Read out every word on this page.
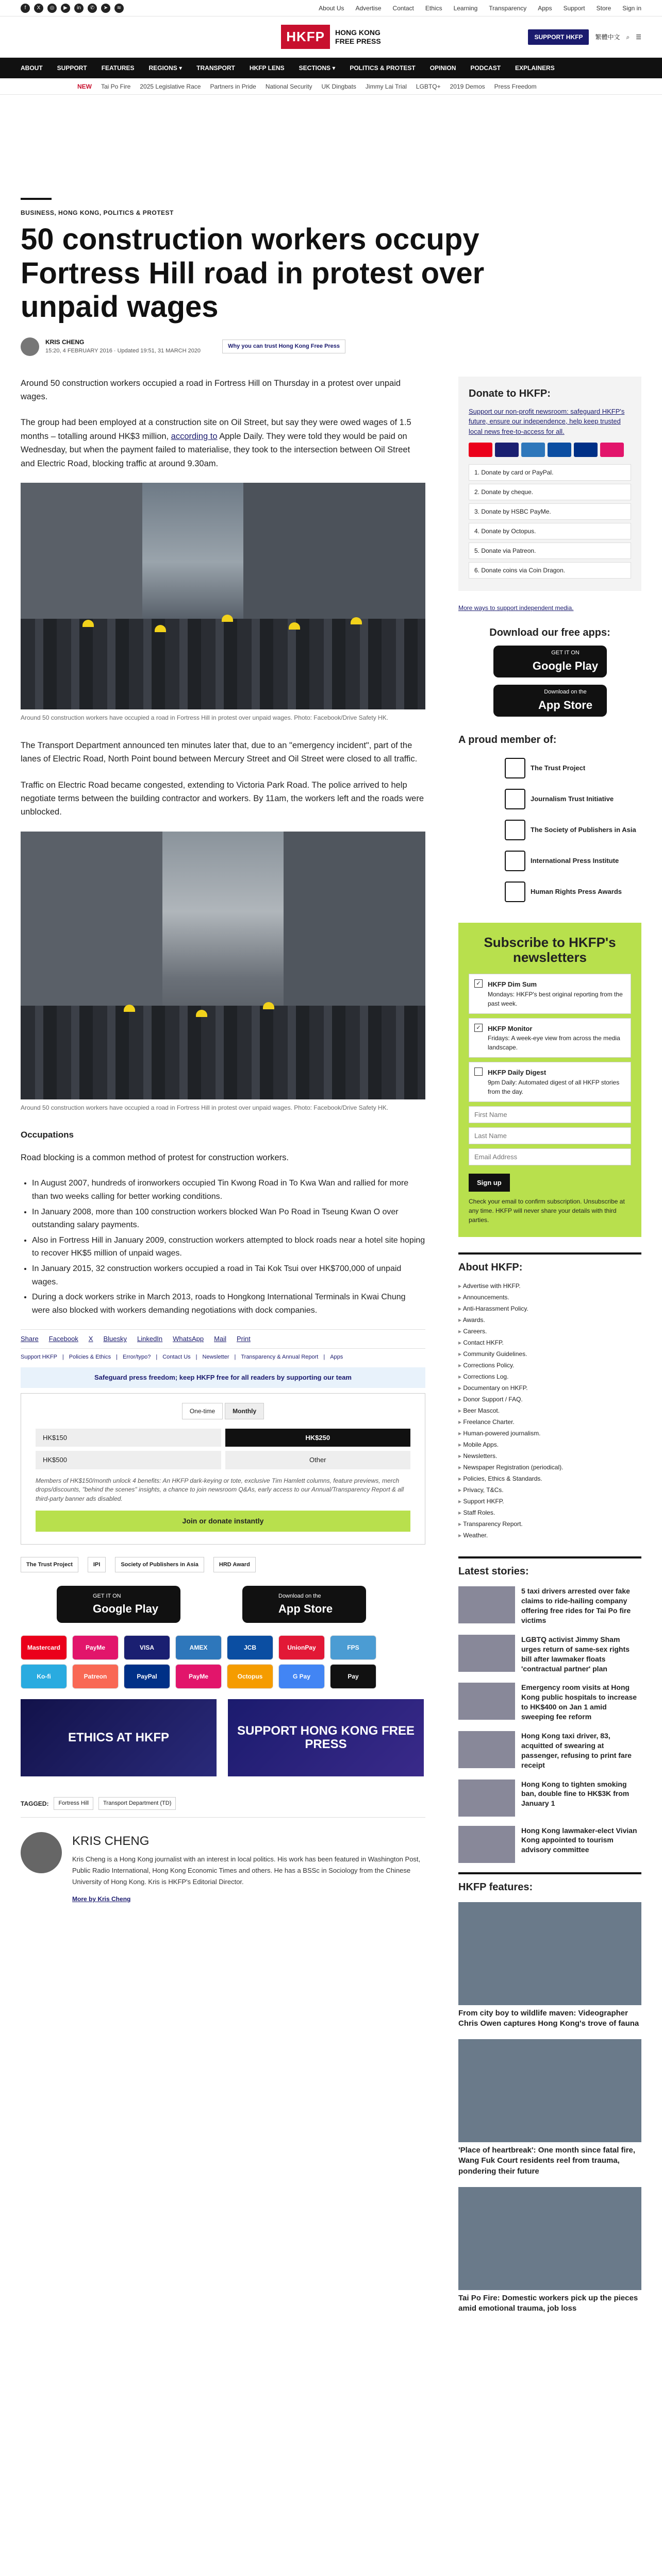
f	X	◎	▶	in	✆	➤	≋	About Us Advertise Contact Ethics Learning Transparency Apps Support Store Sign in
HKFP	HONG KONG
FREE PRESS	SUPPORT HKFP	繁體中文 ⌕ ☰
ABOUT SUPPORT FEATURES REGIONS ▾ TRANSPORT HKFP LENS SECTIONS ▾ POLITICS & PROTEST OPINION PODCAST EXPLAINERS
NEW Tai Po Fire 2025 Legislative Race Partners in Pride National Security UK Dingbats Jimmy Lai Trial LGBTQ+ 2019 Demos Press Freedom
BUSINESS, HONG KONG, POLITICS & PROTEST
50 construction workers occupy Fortress Hill road in protest over unpaid wages
KRIS CHENG
15:20, 4 FEBRUARY 2016 · Updated 19:51, 31 MARCH 2020
Why you can trust Hong Kong Free Press

Around 50 construction workers occupied a road in Fortress Hill on Thursday in a protest over unpaid wages.

The group had been employed at a construction site on Oil Street, but say they were owed wages of 1.5 months – totalling around HK$3 million, according to Apple Daily. They were told they would be paid on Wednesday, but when the payment failed to materialise, they took to the intersection between Oil Street and Electric Road, blocking traffic at around 9.30am.

Around 50 construction workers have occupied a road in Fortress Hill in protest over unpaid wages. Photo: Facebook/Drive Safety HK.

The Transport Department announced ten minutes later that, due to an "emergency incident", part of the lanes of Electric Road, North Point bound between Mercury Street and Oil Street were closed to all traffic.

Traffic on Electric Road became congested, extending to Victoria Park Road. The police arrived to help negotiate terms between the building contractor and workers. By 11am, the workers left and the roads were unblocked.

Around 50 construction workers have occupied a road in Fortress Hill in protest over unpaid wages. Photo: Facebook/Drive Safety HK.
Occupations

Road blocking is a common method of protest for construction workers.

• In August 2007, hundreds of ironworkers occupied Tin Kwong Road in To Kwa Wan and rallied for more than two weeks calling for better working conditions.
• In January 2008, more than 100 construction workers blocked Wan Po Road in Tseung Kwan O over outstanding salary payments.
• Also in Fortress Hill in January 2009, construction workers attempted to block roads near a hotel site hoping to recover HK$5 million of unpaid wages.
• In January 2015, 32 construction workers occupied a road in Tai Kok Tsui over HK$700,000 of unpaid wages.
• During a dock workers strike in March 2013, roads to Hongkong International Terminals in Kwai Chung were also blocked with workers demanding negotiations with dock companies.
Share Facebook X Bluesky LinkedIn WhatsApp Mail Print
Support HKFP | Policies & Ethics | Error/typo? | Contact Us | Newsletter | Transparency & Annual Report | Apps
Safeguard press freedom; keep HKFP free for all readers by supporting our team
One-time	Monthly
HK$150	HK$250
HK$500	Other
Members of HK$150/month unlock 4 benefits: An HKFP dark-keying or tote, exclusive Tim Hamlett columns, feature previews, merch drops/discounts, "behind the scenes" insights, a chance to join newsroom Q&As, early access to our Annual/Transparency Report & all third-party banner ads disabled.
Join or donate instantly
The Trust Project	IPI	Society of Publishers in Asia	HRD Award
GET IT ON
Google Play
Download on the
App Store
Mastercard	PayMe	VISA	AMEX	JCB	UnionPay	FPS
Ko-fi	Patreon	PayPal	PayMe	Octopus	G Pay	Pay
ETHICS AT HKFP	SUPPORT HONG KONG FREE PRESS
TAGGED:	Fortress Hill	Transport Department (TD)
KRIS CHENG

Kris Cheng is a Hong Kong journalist with an interest in local politics. His work has been featured in Washington Post, Public Radio International, Hong Kong Economic Times and others. He has a BSSc in Sociology from the Chinese University of Hong Kong. Kris is HKFP's Editorial Director.

More by Kris Cheng
Donate to HKFP:

Support our non-profit newsroom: safeguard HKFP's future, ensure our independence, help keep trusted local news free-to-access for all.

1. Donate by card or PayPal.
2. Donate by cheque.
3. Donate by HSBC PayMe.
4. Donate by Octopus.
5. Donate via Patreon.
6. Donate coins via Coin Dragon.
More ways to support independent media.
Download our free apps:
GET IT ON
Google Play
Download on the
App Store
A proud member of:
The Trust Project
Journalism Trust Initiative
The Society of Publishers in Asia
International Press Institute
Human Rights Press Awards
Subscribe to HKFP's newsletters
✓ HKFP Dim Sum
Mondays: HKFP's best original reporting from the past week.
✓ HKFP Monitor
Fridays: A week-eye view from across the media landscape.
HKFP Daily Digest
9pm Daily: Automated digest of all HKFP stories from the day.
First Name Last Name Email Address Sign up
Check your email to confirm subscription. Unsubscribe at any time. HKFP will never share your details with third parties.
About HKFP:
▸ Advertise with HKFP.
▸ Announcements.
▸ Anti-Harassment Policy.
▸ Awards.
▸ Careers.
▸ Contact HKFP.
▸ Community Guidelines.
▸ Corrections Policy.
▸ Corrections Log.
▸ Documentary on HKFP.
▸ Donor Support / FAQ.
▸ Beer Mascot.
▸ Freelance Charter.
▸ Human-powered journalism.
▸ Mobile Apps.
▸ Newsletters.
▸ Newspaper Registration (periodical).
▸ Policies, Ethics & Standards.
▸ Privacy, T&Cs.
▸ Support HKFP.
▸ Staff Roles.
▸ Transparency Report.
▸ Weather.
Latest stories:

5 taxi drivers arrested over fake claims to ride-hailing company offering free rides for Tai Po fire victims

LGBTQ activist Jimmy Sham urges return of same-sex rights bill after lawmaker floats 'contractual partner' plan

Emergency room visits at Hong Kong public hospitals to increase to HK$400 on Jan 1 amid sweeping fee reform

Hong Kong taxi driver, 83, acquitted of swearing at passenger, refusing to print fare receipt

Hong Kong to tighten smoking ban, double fine to HK$3K from January 1

Hong Kong lawmaker-elect Vivian Kong appointed to tourism advisory committee

HKFP features:

From city boy to wildlife maven: Videographer Chris Owen captures Hong Kong's trove of fauna

'Place of heartbreak': One month since fatal fire, Wang Fuk Court residents reel from trauma, pondering their future

Tai Po Fire: Domestic workers pick up the pieces amid emotional trauma, job loss
